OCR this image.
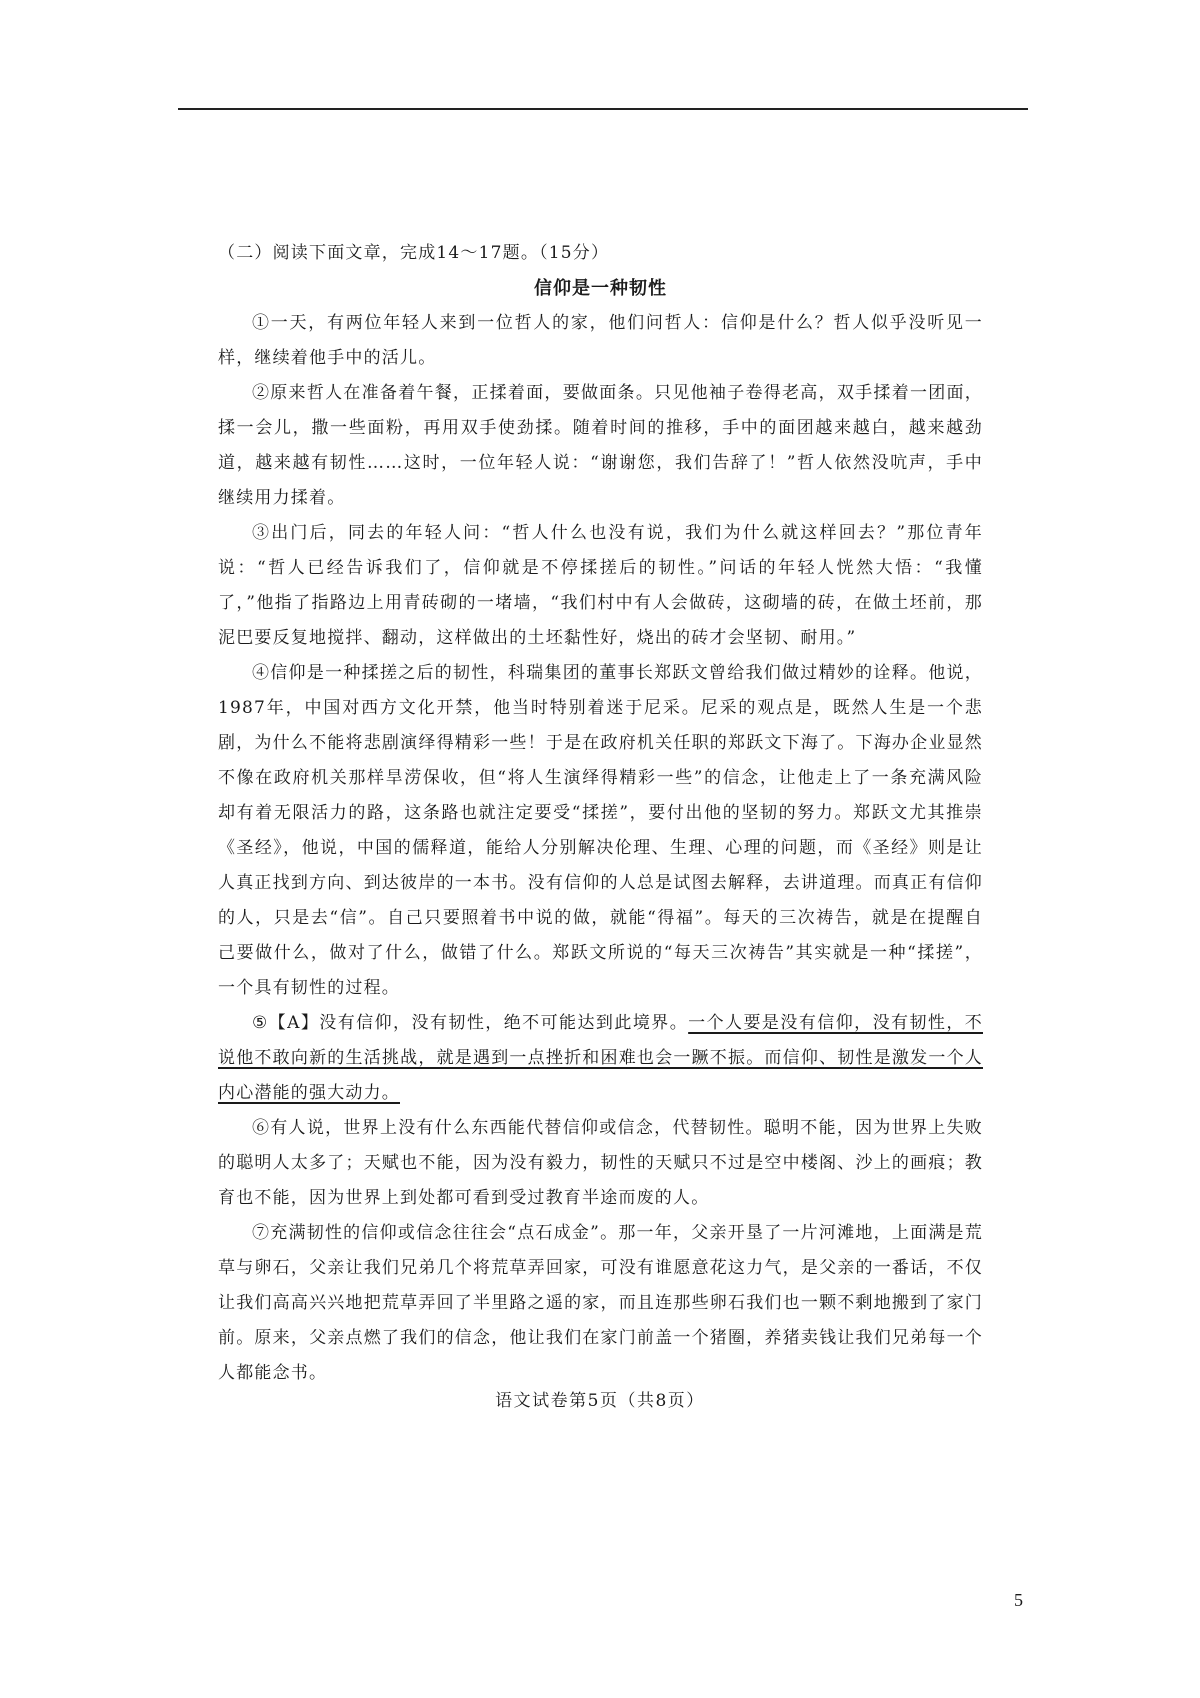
（二）阅读下面文章，完成14～17题。（15分）

信仰是一种韧性

①一天，有两位年轻人来到一位哲人的家，他们问哲人：信仰是什么？哲人似乎没听见一样，继续着他手中的活儿。

②原来哲人在准备着午餐，正揉着面，要做面条。只见他袖子卷得老高，双手揉着一团面，揉一会儿，撒一些面粉，再用双手使劲揉。随着时间的推移，手中的面团越来越白，越来越劲道，越来越有韧性……这时，一位年轻人说：“谢谢您，我们告辞了！”哲人依然没吭声，手中继续用力揉着。

③出门后，同去的年轻人问：“哲人什么也没有说，我们为什么就这样回去？”那位青年说：“哲人已经告诉我们了，信仰就是不停揉搓后的韧性。”问话的年轻人恍然大悟：“我懂了，”他指了指路边上用青砖砌的一堵墙，“我们村中有人会做砖，这砌墙的砖，在做土坯前，那泥巴要反复地搅拌、翻动，这样做出的土坯黏性好，烧出的砖才会坚韧、耐用。”

④信仰是一种揉搓之后的韧性，科瑞集团的董事长郑跃文曾给我们做过精妙的诠释。他说，1987年，中国对西方文化开禁，他当时特别着迷于尼采。尼采的观点是，既然人生是一个悲剧，为什么不能将悲剧演绎得精彩一些！于是在政府机关任职的郑跃文下海了。下海办企业显然不像在政府机关那样旱涝保收，但“将人生演绎得精彩一些”的信念，让他走上了一条充满风险却有着无限活力的路，这条路也就注定要受“揉搓”，要付出他的坚韧的努力。郑跃文尤其推崇《圣经》，他说，中国的儒释道，能给人分别解决伦理、生理、心理的问题，而《圣经》则是让人真正找到方向、到达彼岸的一本书。没有信仰的人总是试图去解释，去讲道理。而真正有信仰的人，只是去“信”。自己只要照着书中说的做，就能“得福”。每天的三次祷告，就是在提醒自己要做什么，做对了什么，做错了什么。郑跃文所说的“每天三次祷告”其实就是一种“揉搓”，一个具有韧性的过程。

⑤【A】没有信仰，没有韧性，绝不可能达到此境界。一个人要是没有信仰，没有韧性，不说他不敢向新的生活挑战，就是遇到一点挫折和困难也会一蹶不振。而信仰、韧性是激发一个人内心潜能的强大动力。

⑥有人说，世界上没有什么东西能代替信仰或信念，代替韧性。聪明不能，因为世界上失败的聪明人太多了；天赋也不能，因为没有毅力，韧性的天赋只不过是空中楼阁、沙上的画痕；教育也不能，因为世界上到处都可看到受过教育半途而废的人。

⑦充满韧性的信仰或信念往往会“点石成金”。那一年，父亲开垦了一片河滩地，上面满是荒草与卵石，父亲让我们兄弟几个将荒草弄回家，可没有谁愿意花这力气，是父亲的一番话，不仅让我们高高兴兴地把荒草弄回了半里路之遥的家，而且连那些卵石我们也一颗不剩地搬到了家门前。原来，父亲点燃了我们的信念，他让我们在家门前盖一个猪圈，养猪卖钱让我们兄弟每一个人都能念书。

语文试卷第5页（共8页）
5
